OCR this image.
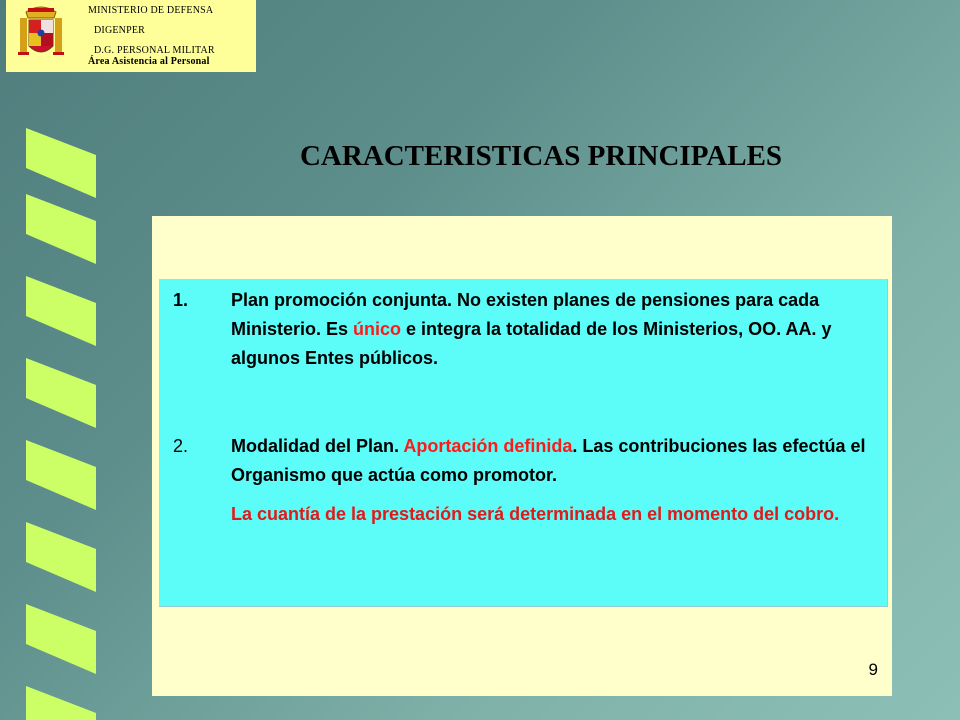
MINISTERIO DE DEFENSA
DIGENPER
D.G. PERSONAL MILITAR
Área Asistencia al Personal
CARACTERISTICAS PRINCIPALES
9
1.	Plan promoción conjunta. No existen planes de pensiones para cada Ministerio. Es único e integra la totalidad de los Ministerios, OO. AA. y algunos Entes públicos.
2.	Modalidad del Plan. Aportación definida. Las contribuciones las efectúa el Organismo que actúa como promotor.
La cuantía de la prestación será determinada en el momento del cobro.
